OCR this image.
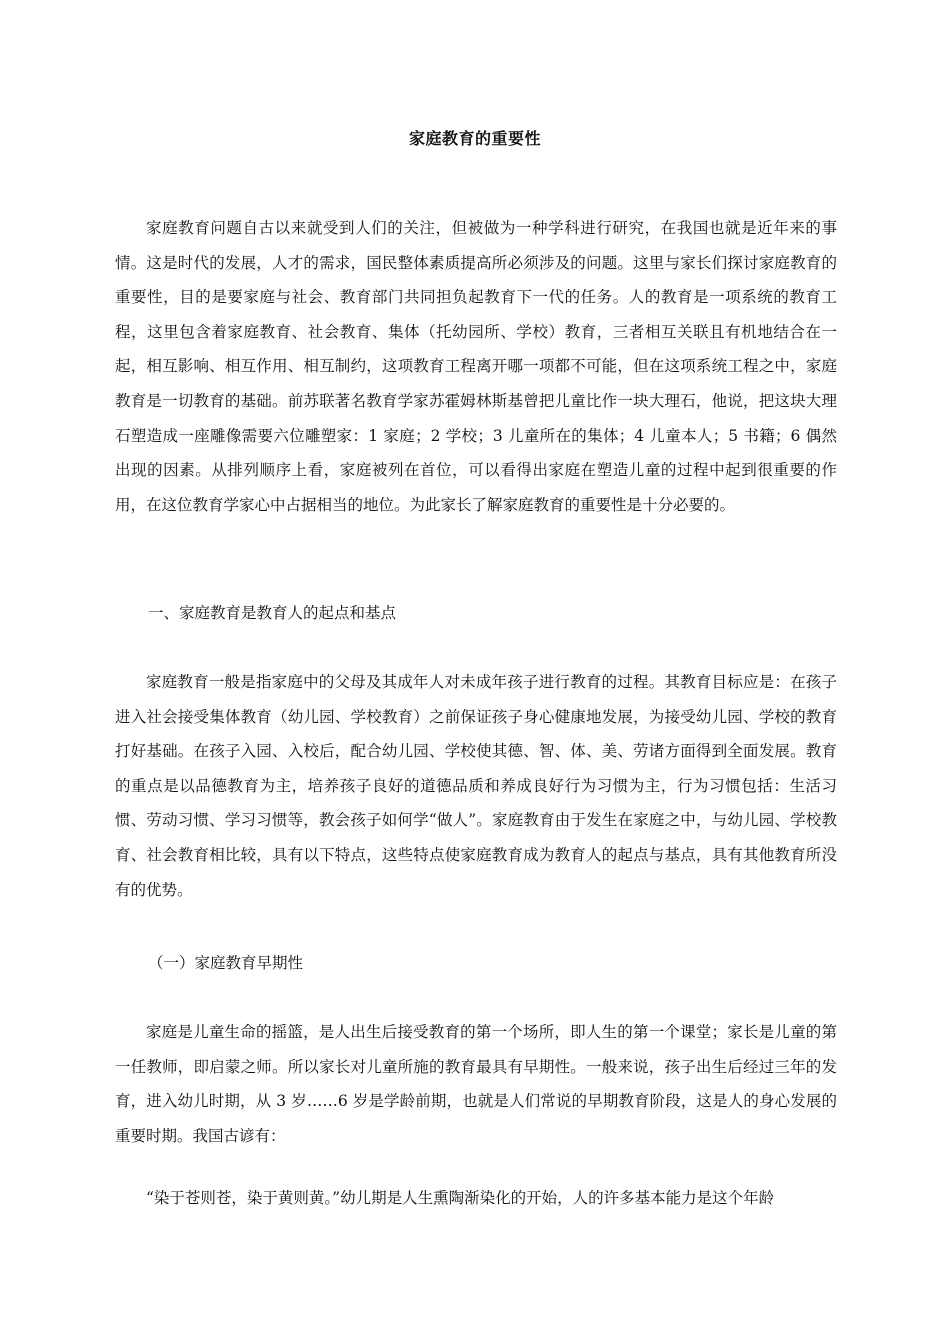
家庭教育的重要性

家庭教育问题自古以来就受到人们的关注，但被做为一种学科进行研究，在我国也就是近年来的事情。这是时代的发展，人才的需求，国民整体素质提高所必须涉及的问题。这里与家长们探讨家庭教育的重要性，目的是要家庭与社会、教育部门共同担负起教育下一代的任务。人的教育是一项系统的教育工程，这里包含着家庭教育、社会教育、集体（托幼园所、学校）教育，三者相互关联且有机地结合在一起，相互影响、相互作用、相互制约，这项教育工程离开哪一项都不可能，但在这项系统工程之中，家庭教育是一切教育的基础。前苏联著名教育学家苏霍姆林斯基曾把儿童比作一块大理石，他说，把这块大理石塑造成一座雕像需要六位雕塑家：1 家庭；2 学校；3 儿童所在的集体；4 儿童本人；5 书籍；6 偶然出现的因素。从排列顺序上看，家庭被列在首位，可以看得出家庭在塑造儿童的过程中起到很重要的作用，在这位教育学家心中占据相当的地位。为此家长了解家庭教育的重要性是十分必要的。

一、家庭教育是教育人的起点和基点

家庭教育一般是指家庭中的父母及其成年人对未成年孩子进行教育的过程。其教育目标应是：在孩子进入社会接受集体教育（幼儿园、学校教育）之前保证孩子身心健康地发展，为接受幼儿园、学校的教育打好基础。在孩子入园、入校后，配合幼儿园、学校使其德、智、体、美、劳诸方面得到全面发展。教育的重点是以品德教育为主，培养孩子良好的道德品质和养成良好行为习惯为主，行为习惯包括：生活习惯、劳动习惯、学习习惯等，教会孩子如何学“做人”。家庭教育由于发生在家庭之中，与幼儿园、学校教育、社会教育相比较，具有以下特点，这些特点使家庭教育成为教育人的起点与基点，具有其他教育所没有的优势。

（一）家庭教育早期性

家庭是儿童生命的摇篮，是人出生后接受教育的第一个场所，即人生的第一个课堂；家长是儿童的第一任教师，即启蒙之师。所以家长对儿童所施的教育最具有早期性。一般来说，孩子出生后经过三年的发育，进入幼儿时期，从 3 岁……6 岁是学龄前期，也就是人们常说的早期教育阶段，这是人的身心发展的重要时期。我国古谚有：

“染于苍则苍，染于黄则黄。”幼儿期是人生熏陶渐染化的开始，人的许多基本能力是这个年龄
